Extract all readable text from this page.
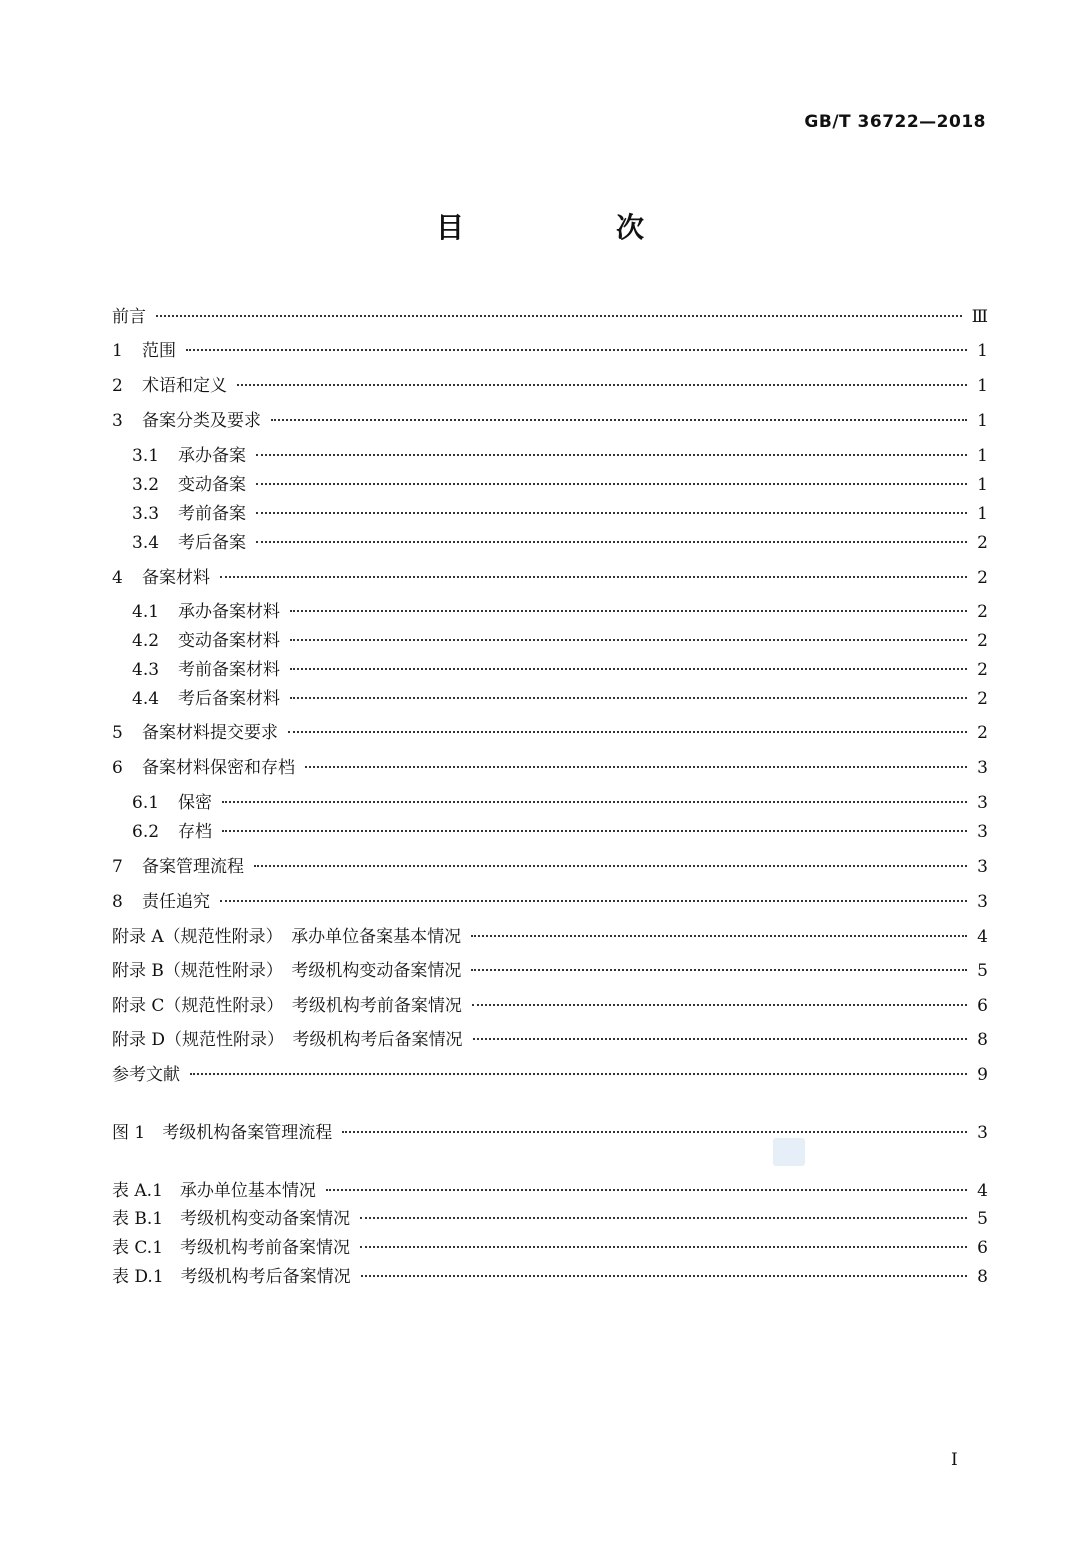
GB/T 36722—2018
目　次
前言	Ⅲ
1	范围	1
2	术语和定义	1
3	备案分类及要求	1
3.1	承办备案	1
3.2	变动备案	1
3.3	考前备案	1
3.4	考后备案	2
4	备案材料	2
4.1	承办备案材料	2
4.2	变动备案材料	2
4.3	考前备案材料	2
4.4	考后备案材料	2
5	备案材料提交要求	2
6	备案材料保密和存档	3
6.1	保密	3
6.2	存档	3
7	备案管理流程	3
8	责任追究	3
附录 A（规范性附录）　承办单位备案基本情况	4
附录 B（规范性附录）　考级机构变动备案情况	5
附录 C（规范性附录）　考级机构考前备案情况	6
附录 D（规范性附录）　考级机构考后备案情况	8
参考文献	9
图 1　考级机构备案管理流程	3
表 A.1　承办单位基本情况	4
表 B.1　考级机构变动备案情况	5
表 C.1　考级机构考前备案情况	6
表 D.1　考级机构考后备案情况	8
I
